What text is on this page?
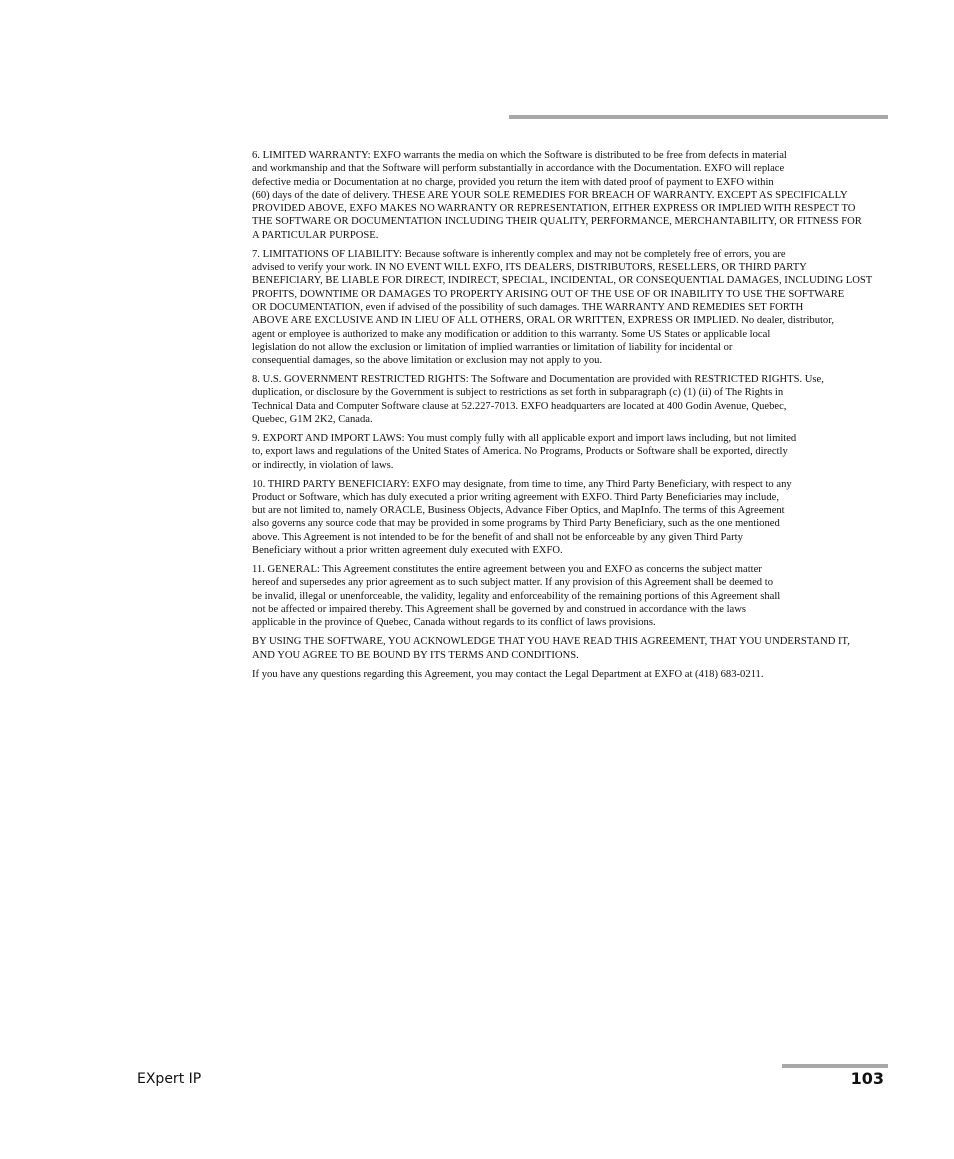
6. LIMITED WARRANTY: EXFO warrants the media on which the Software is distributed to be free from defects in material
and workmanship and that the Software will perform substantially in accordance with the Documentation. EXFO will replace
defective media or Documentation at no charge, provided you return the item with dated proof of payment to EXFO within
(60) days of the date of delivery. THESE ARE YOUR SOLE REMEDIES FOR BREACH OF WARRANTY. EXCEPT AS SPECIFICALLY
PROVIDED ABOVE, EXFO MAKES NO WARRANTY OR REPRESENTATION, EITHER EXPRESS OR IMPLIED WITH RESPECT TO
THE SOFTWARE OR DOCUMENTATION INCLUDING THEIR QUALITY, PERFORMANCE, MERCHANTABILITY, OR FITNESS FOR
A PARTICULAR PURPOSE.

7. LIMITATIONS OF LIABILITY: Because software is inherently complex and may not be completely free of errors, you are
advised to verify your work. IN NO EVENT WILL EXFO, ITS DEALERS, DISTRIBUTORS, RESELLERS, OR THIRD PARTY
BENEFICIARY, BE LIABLE FOR DIRECT, INDIRECT, SPECIAL, INCIDENTAL, OR CONSEQUENTIAL DAMAGES, INCLUDING LOST
PROFITS, DOWNTIME OR DAMAGES TO PROPERTY ARISING OUT OF THE USE OF OR INABILITY TO USE THE SOFTWARE
OR DOCUMENTATION, even if advised of the possibility of such damages. THE WARRANTY AND REMEDIES SET FORTH
ABOVE ARE EXCLUSIVE AND IN LIEU OF ALL OTHERS, ORAL OR WRITTEN, EXPRESS OR IMPLIED. No dealer, distributor,
agent or employee is authorized to make any modification or addition to this warranty. Some US States or applicable local
legislation do not allow the exclusion or limitation of implied warranties or limitation of liability for incidental or
consequential damages, so the above limitation or exclusion may not apply to you.

8. U.S. GOVERNMENT RESTRICTED RIGHTS: The Software and Documentation are provided with RESTRICTED RIGHTS. Use,
duplication, or disclosure by the Government is subject to restrictions as set forth in subparagraph (c) (1) (ii) of The Rights in
Technical Data and Computer Software clause at 52.227-7013. EXFO headquarters are located at 400 Godin Avenue, Quebec,
Quebec, G1M 2K2, Canada.

9. EXPORT AND IMPORT LAWS: You must comply fully with all applicable export and import laws including, but not limited
to, export laws and regulations of the United States of America. No Programs, Products or Software shall be exported, directly
or indirectly, in violation of laws.

10. THIRD PARTY BENEFICIARY: EXFO may designate, from time to time, any Third Party Beneficiary, with respect to any
Product or Software, which has duly executed a prior writing agreement with EXFO. Third Party Beneficiaries may include,
but are not limited to, namely ORACLE, Business Objects, Advance Fiber Optics, and MapInfo. The terms of this Agreement
also governs any source code that may be provided in some programs by Third Party Beneficiary, such as the one mentioned
above. This Agreement is not intended to be for the benefit of and shall not be enforceable by any given Third Party
Beneficiary without a prior written agreement duly executed with EXFO.

11. GENERAL: This Agreement constitutes the entire agreement between you and EXFO as concerns the subject matter
hereof and supersedes any prior agreement as to such subject matter. If any provision of this Agreement shall be deemed to
be invalid, illegal or unenforceable, the validity, legality and enforceability of the remaining portions of this Agreement shall
not be affected or impaired thereby. This Agreement shall be governed by and construed in accordance with the laws
applicable in the province of Quebec, Canada without regards to its conflict of laws provisions.

BY USING THE SOFTWARE, YOU ACKNOWLEDGE THAT YOU HAVE READ THIS AGREEMENT, THAT YOU UNDERSTAND IT,
AND YOU AGREE TO BE BOUND BY ITS TERMS AND CONDITIONS.

If you have any questions regarding this Agreement, you may contact the Legal Department at EXFO at (418) 683-0211.

EXpert IP	103
